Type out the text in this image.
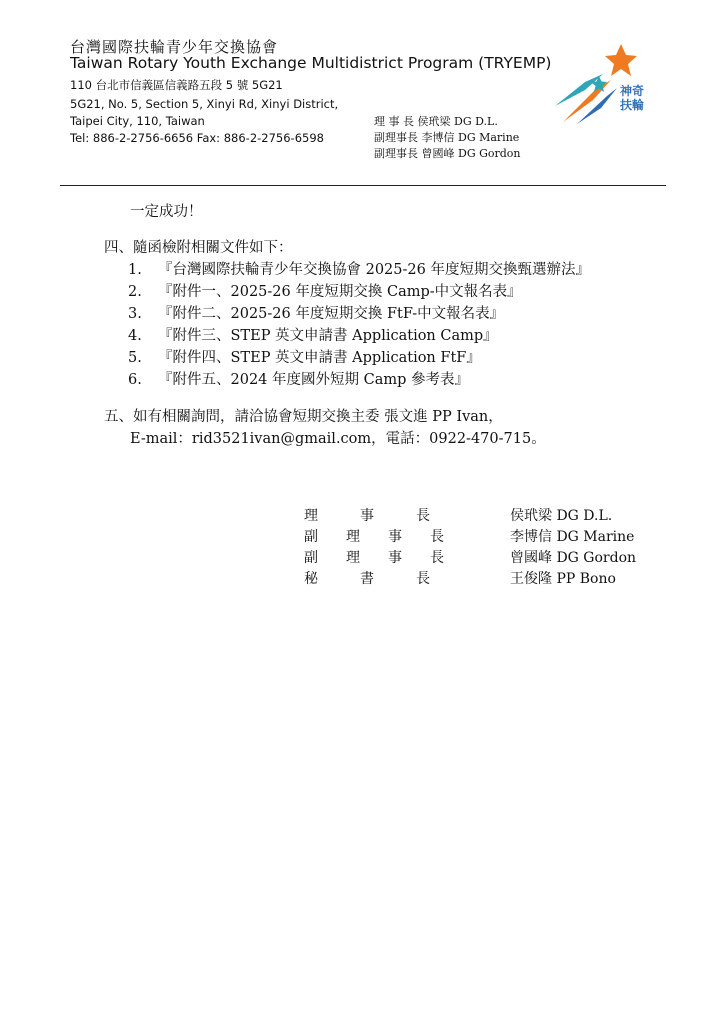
台灣國際扶輪青少年交換協會
Taiwan Rotary Youth Exchange Multidistrict Program (TRYEMP)
110 台北市信義區信義路五段 5 號 5G21
5G21, No. 5, Section 5, Xinyi Rd, Xinyi District,
Taipei City, 110, Taiwan
Tel: 886-2-2756-6656 Fax: 886-2-2756-6598
理 事 長 侯玳梁 DG D.L.
副理事長 李博信 DG Marine
副理事長 曾國峰 DG Gordon
神奇
扶輪
一定成功！
四、隨函檢附相關文件如下：
1. 『台灣國際扶輪青少年交換協會 2025-26 年度短期交換甄選辦法』
2. 『附件一、2025-26 年度短期交換 Camp-中文報名表』
3. 『附件二、2025-26 年度短期交換 FtF-中文報名表』
4. 『附件三、STEP 英文申請書 Application Camp』
5. 『附件四、STEP 英文申請書 Application FtF』
6. 『附件五、2024 年度國外短期 Camp 參考表』
五、如有相關詢問，請洽協會短期交換主委 張文進 PP Ivan，
E-mail：rid3521ivan@gmail.com，電話：0922-470-715。
理　　　事　　　長	侯玳梁 DG D.L.
副　　理　　事　　長	李博信 DG Marine
副　　理　　事　　長	曾國峰 DG Gordon
秘　　　書　　　長	王俊隆 PP Bono
